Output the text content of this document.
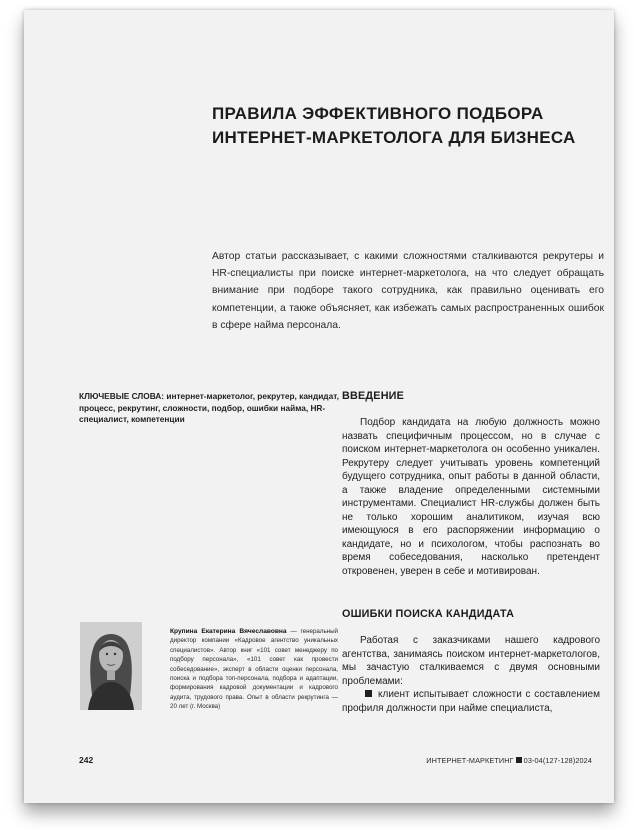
ПРАВИЛА ЭФФЕКТИВНОГО ПОДБОРА
ИНТЕРНЕТ-МАРКЕТОЛОГА ДЛЯ БИЗНЕСА
Автор статьи рассказывает, с какими сложностями сталкиваются рекрутеры и HR-специалисты при поиске интернет-маркетолога, на что следует обращать внимание при подборе такого сотрудника, как правильно оценивать его компетенции, а также объясняет, как избежать самых распространенных ошибок в сфере найма персонала.
КЛЮЧЕВЫЕ СЛОВА: интернет-маркетолог, рекрутер, кандидат, процесс, рекрутинг, сложности, подбор, ошибки найма, HR-специалист, компетенции
ВВЕДЕНИЕ

Подбор кандидата на любую должность можно назвать специфичным процессом, но в случае с поиском интернет-маркетолога он особенно уникален. Рекрутеру следует учитывать уровень компетенций будущего сотрудника, опыт работы в данной области, а также владение определенными системными инструментами. Специалист HR-службы должен быть не только хорошим аналитиком, изучая всю имеющуюся в его распоряжении информацию о кандидате, но и психологом, чтобы распознать во время собеседования, насколько претендент откровенен, уверен в себе и мотивирован.

ОШИБКИ ПОИСКА КАНДИДАТА

Работая с заказчиками нашего кадрового агентства, занимаясь поиском интернет-маркетологов, мы зачастую сталкиваемся с двумя основными проблемами:

клиент испытывает сложности с составлением профиля должности при найме специалиста,

Крупина Екатерина Вячеславовна — генеральный директор компании «Кадровое агентство уникальных специалистов». Автор книг «101 совет менеджеру по подбору персонала», «101 совет как провести собеседование», эксперт в области оценки персонала, поиска и подбора топ-персонала, подбора и адаптации, формирования кадровой документации и кадрового аудита, трудового права. Опыт в области рекрутинга — 20 лет (г. Москва)
242	ИНТЕРНЕТ-МАРКЕТИНГ 03-04(127-128)2024
